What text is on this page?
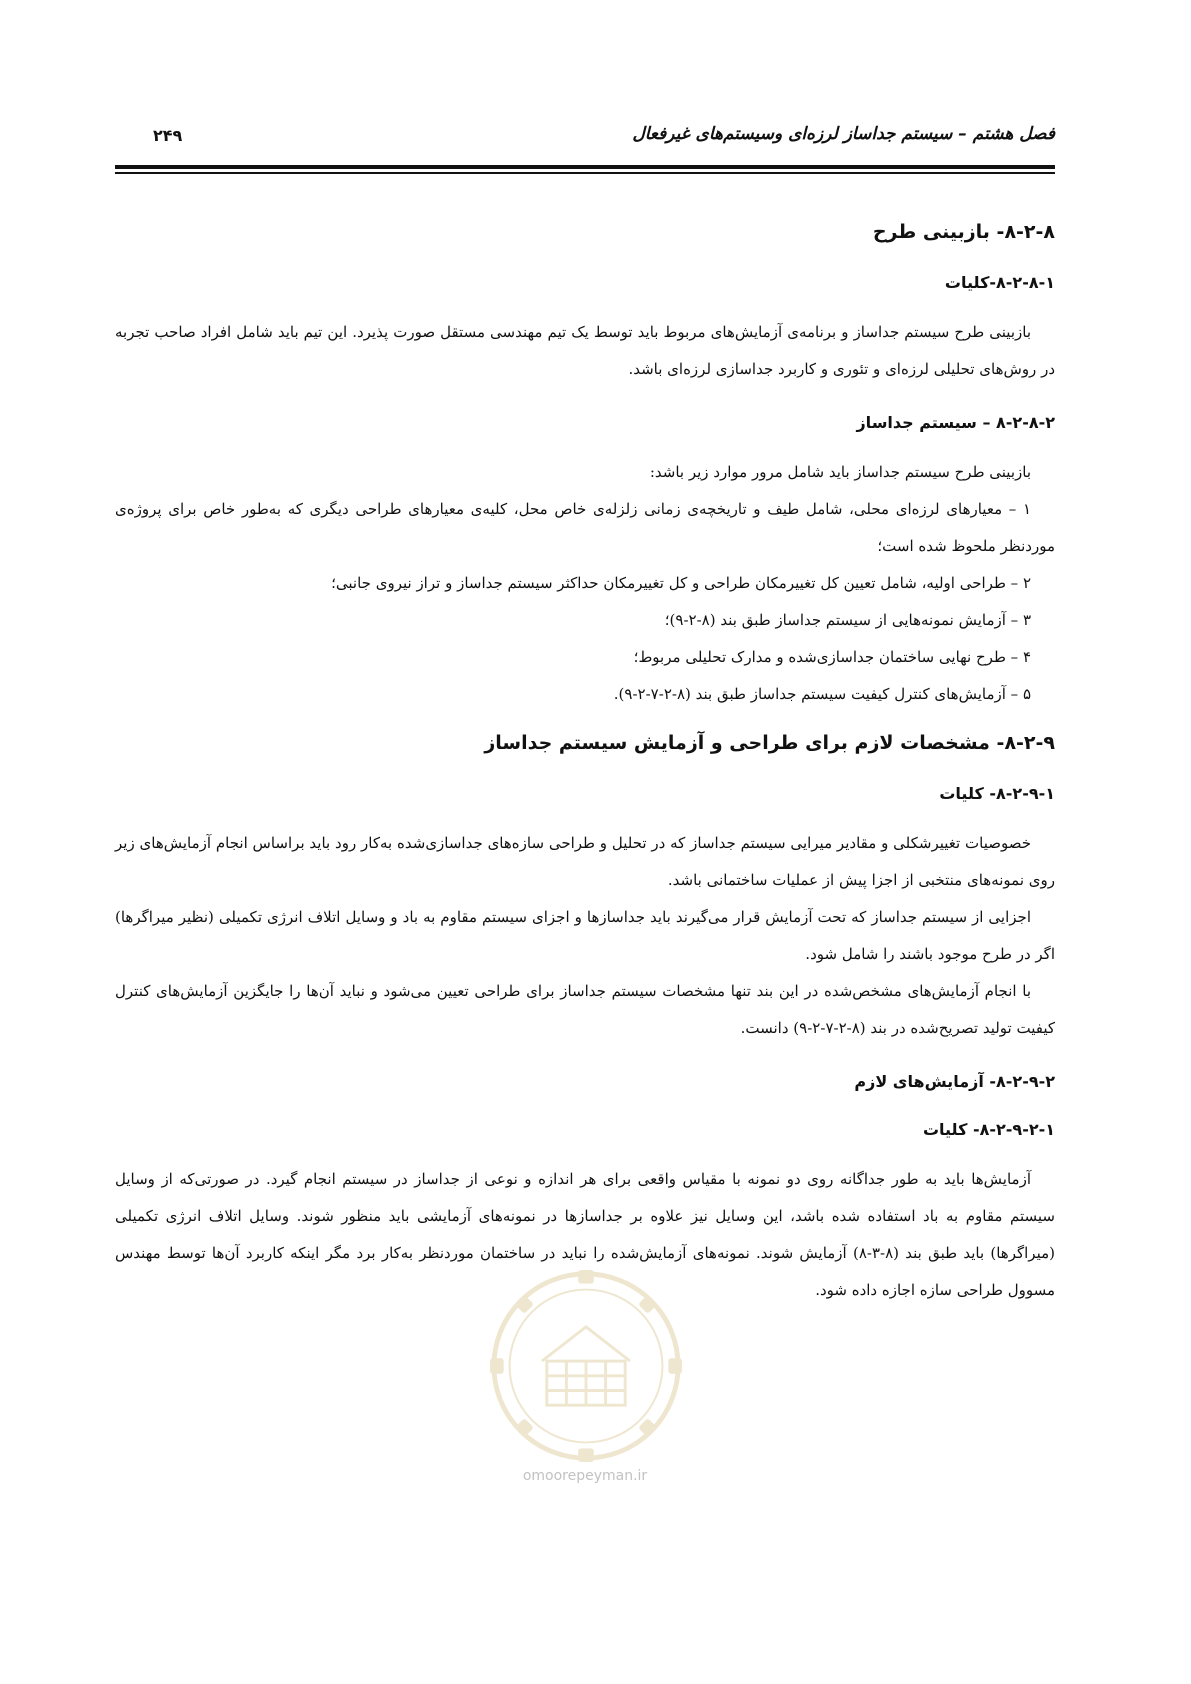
فصل هشتم – سیستم جداساز لرزه‌ای وسیستم‌های غیرفعال
۲۴۹
۸-۲-۸- بازبینی طرح
۸-۲-۸-۱-کلیات

بازبینی طرح سیستم جداساز و برنامه‌ی آزمایش‌های مربوط باید توسط یک تیم مهندسی مستقل صورت پذیرد. این تیم باید شامل افراد صاحب تجربه در روش‌های تحلیلی لرزه‌ای و تئوری و کاربرد جداسازی لرزه‌ای باشد.

۸-۲-۸-۲ – سیستم جداساز

بازبینی طرح سیستم جداساز باید شامل مرور موارد زیر باشد:

۱ – معیارهای لرزه‌ای محلی، شامل طیف و تاریخچه‌ی زمانی زلزله‌ی خاص محل، کلیه‌ی معیارهای طراحی دیگری که به‌طور خاص برای پروژه‌ی موردنظر ملحوظ شده است؛

۲ – طراحی اولیه، شامل تعیین کل تغییرمکان طراحی و کل تغییرمکان حداکثر سیستم جداساز و تراز نیروی جانبی؛

۳ – آزمایش نمونه‌هایی از سیستم جداساز طبق بند (۸-۲-۹)؛

۴ – طرح نهایی ساختمان جداسازی‌شده و مدارک تحلیلی مربوط؛

۵ – آزمایش‌های کنترل کیفیت سیستم جداساز طبق بند (۸-۲-۷-۲-۹).

۸-۲-۹- مشخصات لازم برای طراحی و آزمایش سیستم جداساز
۸-۲-۹-۱- کلیات

خصوصیات تغییرشکلی و مقادیر میرایی سیستم جداساز که در تحلیل و طراحی سازه‌های جداسازی‌شده به‌کار رود باید براساس انجام آزمایش‌های زیر روی نمونه‌های منتخبی از اجزا پیش از عملیات ساختمانی باشد.

اجزایی از سیستم جداساز که تحت آزمایش قرار می‌گیرند باید جداسازها و اجزای سیستم مقاوم به باد و وسایل اتلاف انرژی تکمیلی (نظیر میراگرها) اگر در طرح موجود باشند را شامل شود.

با انجام آزمایش‌های مشخص‌شده در این بند تنها مشخصات سیستم جداساز برای طراحی تعیین می‌شود و نباید آن‌ها را جایگزین آزمایش‌های کنترل کیفیت تولید تصریح‌شده در بند (۸-۲-۷-۲-۹) دانست.

۸-۲-۹-۲- آزمایش‌های لازم
۸-۲-۹-۲-۱- کلیات

آزمایش‌ها باید به طور جداگانه روی دو نمونه با مقیاس واقعی برای هر اندازه و نوعی از جداساز در سیستم انجام گیرد. در صورتی‌که از وسایل سیستم مقاوم به باد استفاده شده باشد، این وسایل نیز علاوه بر جداسازها در نمونه‌های آزمایشی باید منظور شوند. وسایل اتلاف انرژی تکمیلی (میراگرها) باید طبق بند (۸-۳-۸) آزمایش شوند. نمونه‌های آزمایش‌شده را نباید در ساختمان موردنظر به‌کار برد مگر اینکه کاربرد آن‌ها توسط مهندس مسوول طراحی سازه اجازه داده شود.

omoorepeyman.ir
